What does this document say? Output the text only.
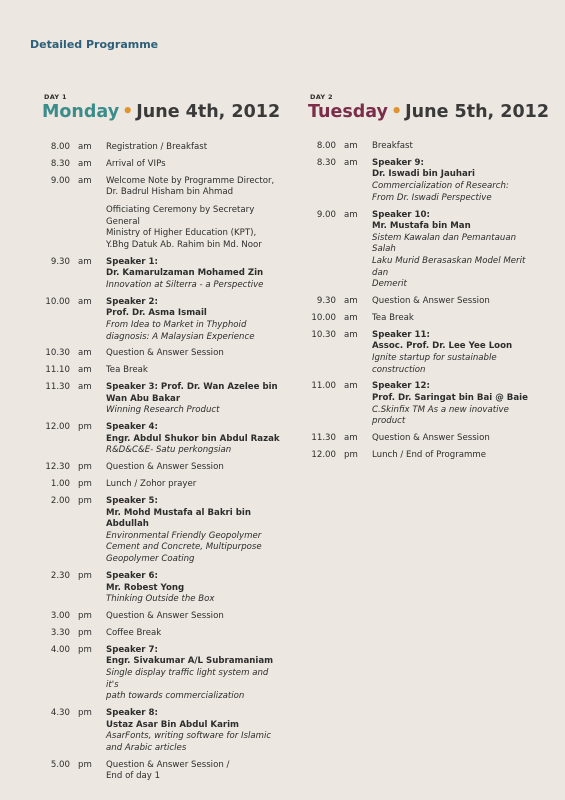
Detailed Programme
DAY 1
Monday • June 4th, 2012
8.00 am	Registration / Breakfast
8.30 am	Arrival of VIPs
9.00 am	Welcome Note by Programme Director,
Dr. Badrul Hisham bin Ahmad
Officiating Ceremony by Secretary General
Ministry of Higher Education (KPT),
Y.Bhg Datuk Ab. Rahim bin Md. Noor
9.30 am	Speaker 1:
Dr. Kamarulzaman Mohamed Zin
Innovation at Silterra - a Perspective
10.00 am	Speaker 2:
Prof. Dr. Asma Ismail
From Idea to Market in Thyphoid
diagnosis: A Malaysian Experience
10.30 am	Question & Answer Session
11.10 am	Tea Break
11.30 am	Speaker 3: Prof. Dr. Wan Azelee bin Wan Abu Bakar
Winning Research Product
12.00 pm	Speaker 4:
Engr. Abdul Shukor bin Abdul Razak
R&D&C&E- Satu perkongsian
12.30 pm	Question & Answer Session
1.00 pm	Lunch / Zohor prayer
2.00 pm	Speaker 5:
Mr. Mohd Mustafa al Bakri bin Abdullah
Environmental Friendly Geopolymer
Cement and Concrete, Multipurpose
Geopolymer Coating
2.30 pm	Speaker 6:
Mr. Robest Yong
Thinking Outside the Box
3.00 pm	Question & Answer Session
3.30 pm	Coffee Break
4.00 pm	Speaker 7:
Engr. Sivakumar A/L Subramaniam
Single display traffic light system and it's
path towards commercialization
4.30 pm	Speaker 8:
Ustaz Asar Bin Abdul Karim
AsarFonts, writing software for Islamic
and Arabic articles
5.00 pm	Question & Answer Session /
End of day 1
DAY 2
Tuesday • June 5th, 2012
8.00 am	Breakfast
8.30 am	Speaker 9:
Dr. Iswadi bin Jauhari
Commercialization of Research:
From Dr. Iswadi Perspective
9.00 am	Speaker 10:
Mr. Mustafa bin Man
Sistem Kawalan dan Pemantauan Salah
Laku Murid Berasaskan Model Merit dan
Demerit
9.30 am	Question & Answer Session
10.00 am	Tea Break
10.30 am	Speaker 11:
Assoc. Prof. Dr. Lee Yee Loon
Ignite startup for sustainable
construction
11.00 am	Speaker 12:
Prof. Dr. Saringat bin Bai @ Baie
C.Skinfix TM As a new inovative product
11.30 am	Question & Answer Session
12.00 pm	Lunch / End of Programme
